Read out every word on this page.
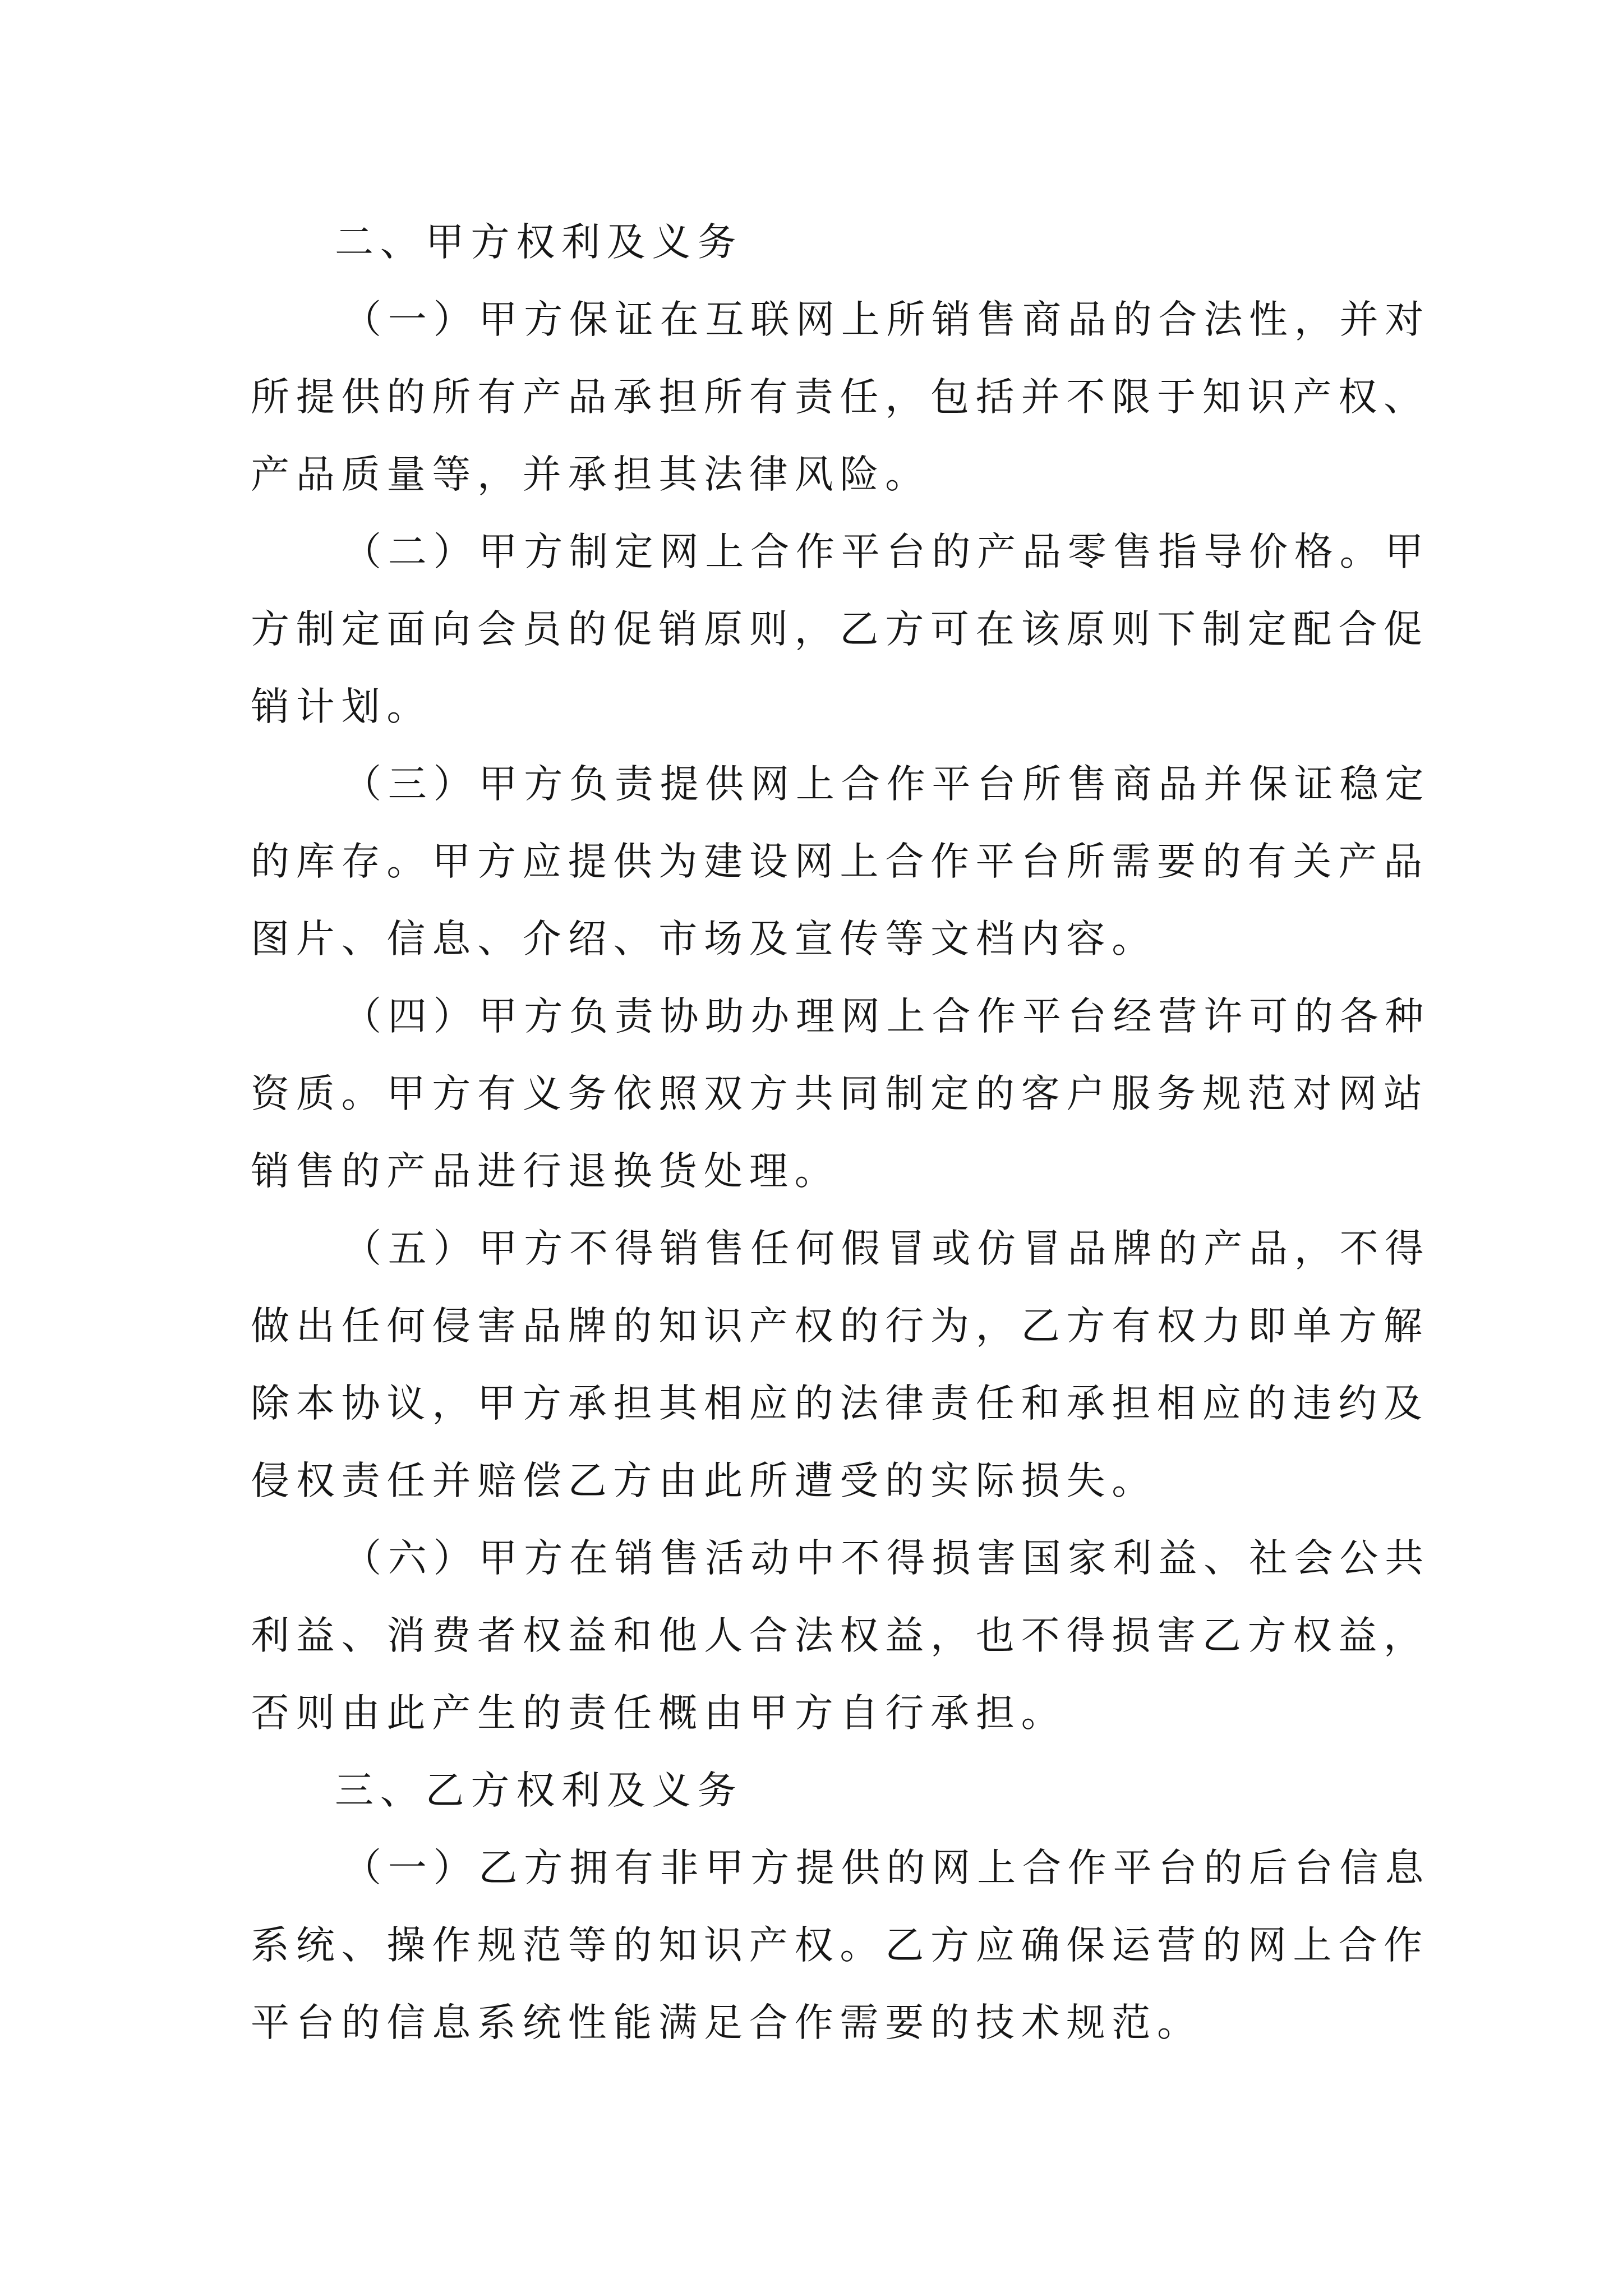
二、甲方权利及义务
（一）甲方保证在互联网上所销售商品的合法性，并对
所提供的所有产品承担所有责任，包括并不限于知识产权、
产品质量等，并承担其法律风险。
（二）甲方制定网上合作平台的产品零售指导价格。甲
方制定面向会员的促销原则，乙方可在该原则下制定配合促
销计划。
（三）甲方负责提供网上合作平台所售商品并保证稳定
的库存。甲方应提供为建设网上合作平台所需要的有关产品
图片、信息、介绍、市场及宣传等文档内容。
（四）甲方负责协助办理网上合作平台经营许可的各种
资质。甲方有义务依照双方共同制定的客户服务规范对网站
销售的产品进行退换货处理。
（五）甲方不得销售任何假冒或仿冒品牌的产品，不得
做出任何侵害品牌的知识产权的行为，乙方有权力即单方解
除本协议，甲方承担其相应的法律责任和承担相应的违约及
侵权责任并赔偿乙方由此所遭受的实际损失。
（六）甲方在销售活动中不得损害国家利益、社会公共
利益、消费者权益和他人合法权益，也不得损害乙方权益，
否则由此产生的责任概由甲方自行承担。
三、乙方权利及义务
（一）乙方拥有非甲方提供的网上合作平台的后台信息
系统、操作规范等的知识产权。乙方应确保运营的网上合作
平台的信息系统性能满足合作需要的技术规范。
